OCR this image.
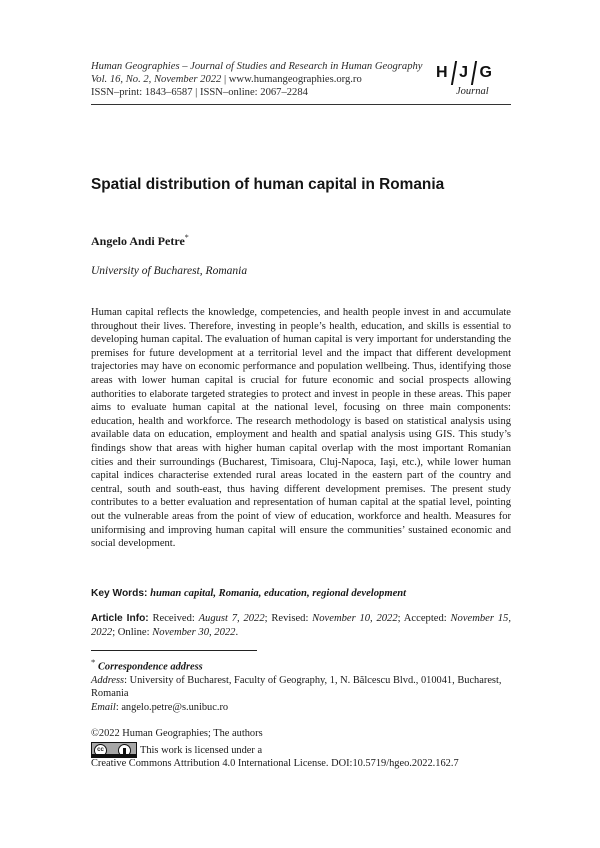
Human Geographies – Journal of Studies and Research in Human Geography
Vol. 16, No. 2, November 2022 | www.humangeographies.org.ro
ISSN–print: 1843–6587 | ISSN–online: 2067–2284
H J G
Journal
Spatial distribution of human capital in Romania
Angelo Andi Petre*
University of Bucharest, Romania
Human capital reflects the knowledge, competencies, and health people invest in and accumulate throughout their lives. Therefore, investing in people’s health, education, and skills is essential to developing human capital. The evaluation of human capital is very important for understanding the premises for future development at a territorial level and the impact that different development trajectories may have on economic performance and population wellbeing. Thus, identifying those areas with lower human capital is crucial for future economic and social prospects allowing authorities to elaborate targeted strategies to protect and invest in people in these areas. This paper aims to evaluate human capital at the national level, focusing on three main components: education, health and workforce. The research methodology is based on statistical analysis using available data on education, employment and health and spatial analysis using GIS. This study’s findings show that areas with higher human capital overlap with the most important Romanian cities and their surroundings (Bucharest, Timisoara, Cluj-Napoca, Iaşi, etc.), while lower human capital indices characterise extended rural areas located in the eastern part of the country and central, south and south-east, thus having different development premises. The present study contributes to a better evaluation and representation of human capital at the spatial level, pointing out the vulnerable areas from the point of view of education, workforce and health. Measures for uniformising and improving human capital will ensure the communities’ sustained economic and social development.
Key Words: human capital, Romania, education, regional development
Article Info: Received: August 7, 2022; Revised: November 10, 2022; Accepted: November 15, 2022; Online: November 30, 2022.
* Correspondence address
Address: University of Bucharest, Faculty of Geography, 1, N. Bălcescu Blvd., 010041, Bucharest, Romania
Email: angelo.petre@s.unibuc.ro
©2022 Human Geographies; The authors
cc	This work is licensed under a
Creative Commons Attribution 4.0 International License. DOI:10.5719/hgeo.2022.162.7
